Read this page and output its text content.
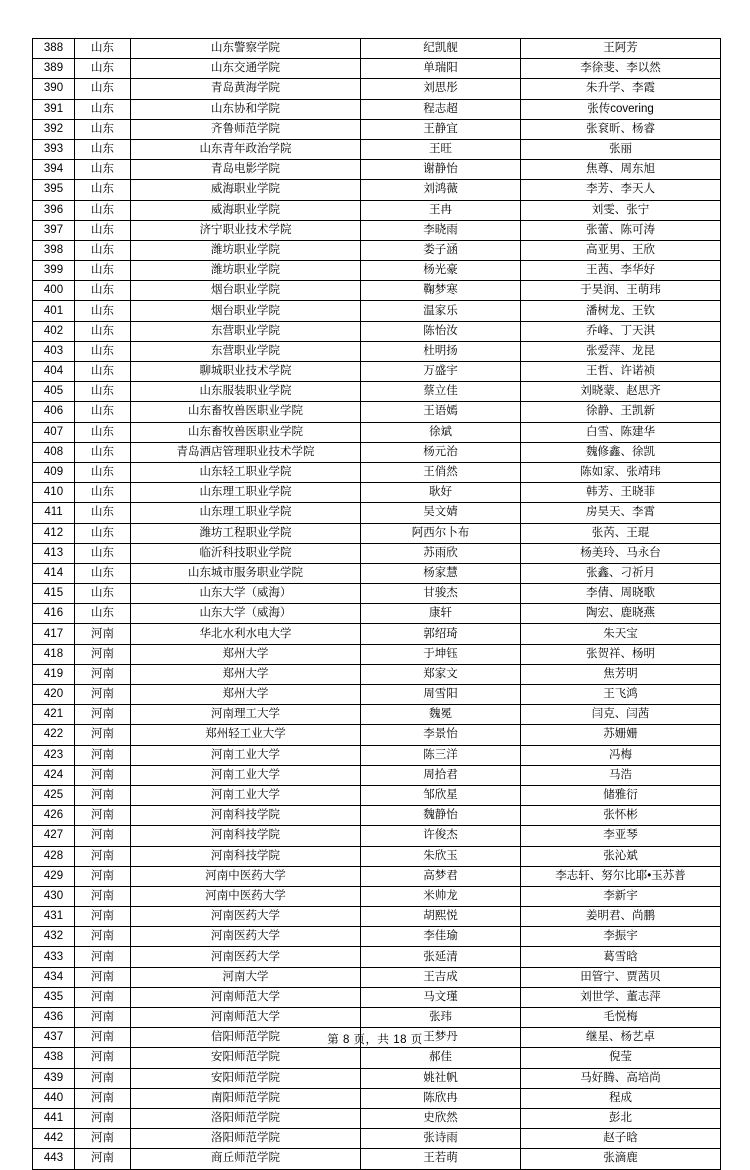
388	山东	山东警察学院	纪凯舰	王阿芳
389	山东	山东交通学院	单瑞阳	李徐斐、李以然
390	山东	青岛黄海学院	刘思彤	朱升学、李霞
391	山东	山东协和学院	程志超	张传covering
392	山东	齐鲁师范学院	王静宜	张袞昕、杨睿
393	山东	山东青年政治学院	王旺	张丽
394	山东	青岛电影学院	谢静怡	焦尊、周东旭
395	山东	威海职业学院	刘鸿薇	李芳、李天人
396	山东	威海职业学院	王冉	刘雯、张宁
397	山东	济宁职业技术学院	李晓雨	张蕾、陈可涛
398	山东	潍坊职业学院	娄子涵	高亚男、王欣
399	山东	潍坊职业学院	杨光豪	王茜、李华好
400	山东	烟台职业学院	鞠梦寒	于昊润、王萌玮
401	山东	烟台职业学院	温家乐	潘树龙、王钦
402	山东	东营职业学院	陈怡汝	乔峰、丁天淇
403	山东	东营职业学院	杜明扬	张爱萍、龙昆
404	山东	聊城职业技术学院	万盛宇	王哲、许诺祯
405	山东	山东服装职业学院	蔡立佳	刘晓蒙、赵思齐
406	山东	山东畜牧兽医职业学院	王语嫣	徐静、王凯新
407	山东	山东畜牧兽医职业学院	徐斌	白雪、陈建华
408	山东	青岛酒店管理职业技术学院	杨元治	魏修鑫、徐凯
409	山东	山东轻工职业学院	王俏然	陈如家、张靖玮
410	山东	山东理工职业学院	耿好	韩芳、王晓菲
411	山东	山东理工职业学院	吴文婧	房昊天、李霄
412	山东	潍坊工程职业学院	阿西尔卜布	张芮、王琨
413	山东	临沂科技职业学院	苏雨欣	杨美玲、马永台
414	山东	山东城市服务职业学院	杨家慧	张鑫、刁祈月
415	山东	山东大学（威海）	甘骏杰	李倩、周晓歌
416	山东	山东大学（威海）	康轩	陶宏、鹿晓燕
417	河南	华北水利水电大学	郭绍琦	朱天宝
418	河南	郑州大学	于坤钰	张贺祥、杨明
419	河南	郑州大学	郑家文	焦芳明
420	河南	郑州大学	周雪阳	王飞鸿
421	河南	河南理工大学	魏冕	闫克、闫茜
422	河南	郑州轻工业大学	李景怡	苏姗姗
423	河南	河南工业大学	陈三洋	冯梅
424	河南	河南工业大学	周拾君	马浩
425	河南	河南工业大学	邹欣星	储雅衍
426	河南	河南科技学院	魏静怡	张怀彬
427	河南	河南科技学院	许俊杰	李亚琴
428	河南	河南科技学院	朱欣玉	张沁斌
429	河南	河南中医药大学	高梦君	李志轩、努尔比耶•玉苏普
430	河南	河南中医药大学	米帅龙	李新宇
431	河南	河南医药大学	胡熙悦	姜明君、尚鹏
432	河南	河南医药大学	李佳瑜	李振宇
433	河南	河南医药大学	张延清	葛雪晗
434	河南	河南大学	王吉成	田管宁、贾茜贝
435	河南	河南师范大学	马文瑾	刘世学、董志萍
436	河南	河南师范大学	张玮	毛悦梅
437	河南	信阳师范学院	王梦丹	继星、杨艺卓
438	河南	安阳师范学院	郝佳	倪莹
439	河南	安阳师范学院	姚社帆	马好腾、高培尚
440	河南	南阳师范学院	陈欣冉	程成
441	河南	洛阳师范学院	史欣然	彭北
442	河南	洛阳师范学院	张诗雨	赵子晗
443	河南	商丘师范学院	王若萌	张滴鹿
第 8 页，共 18 页
